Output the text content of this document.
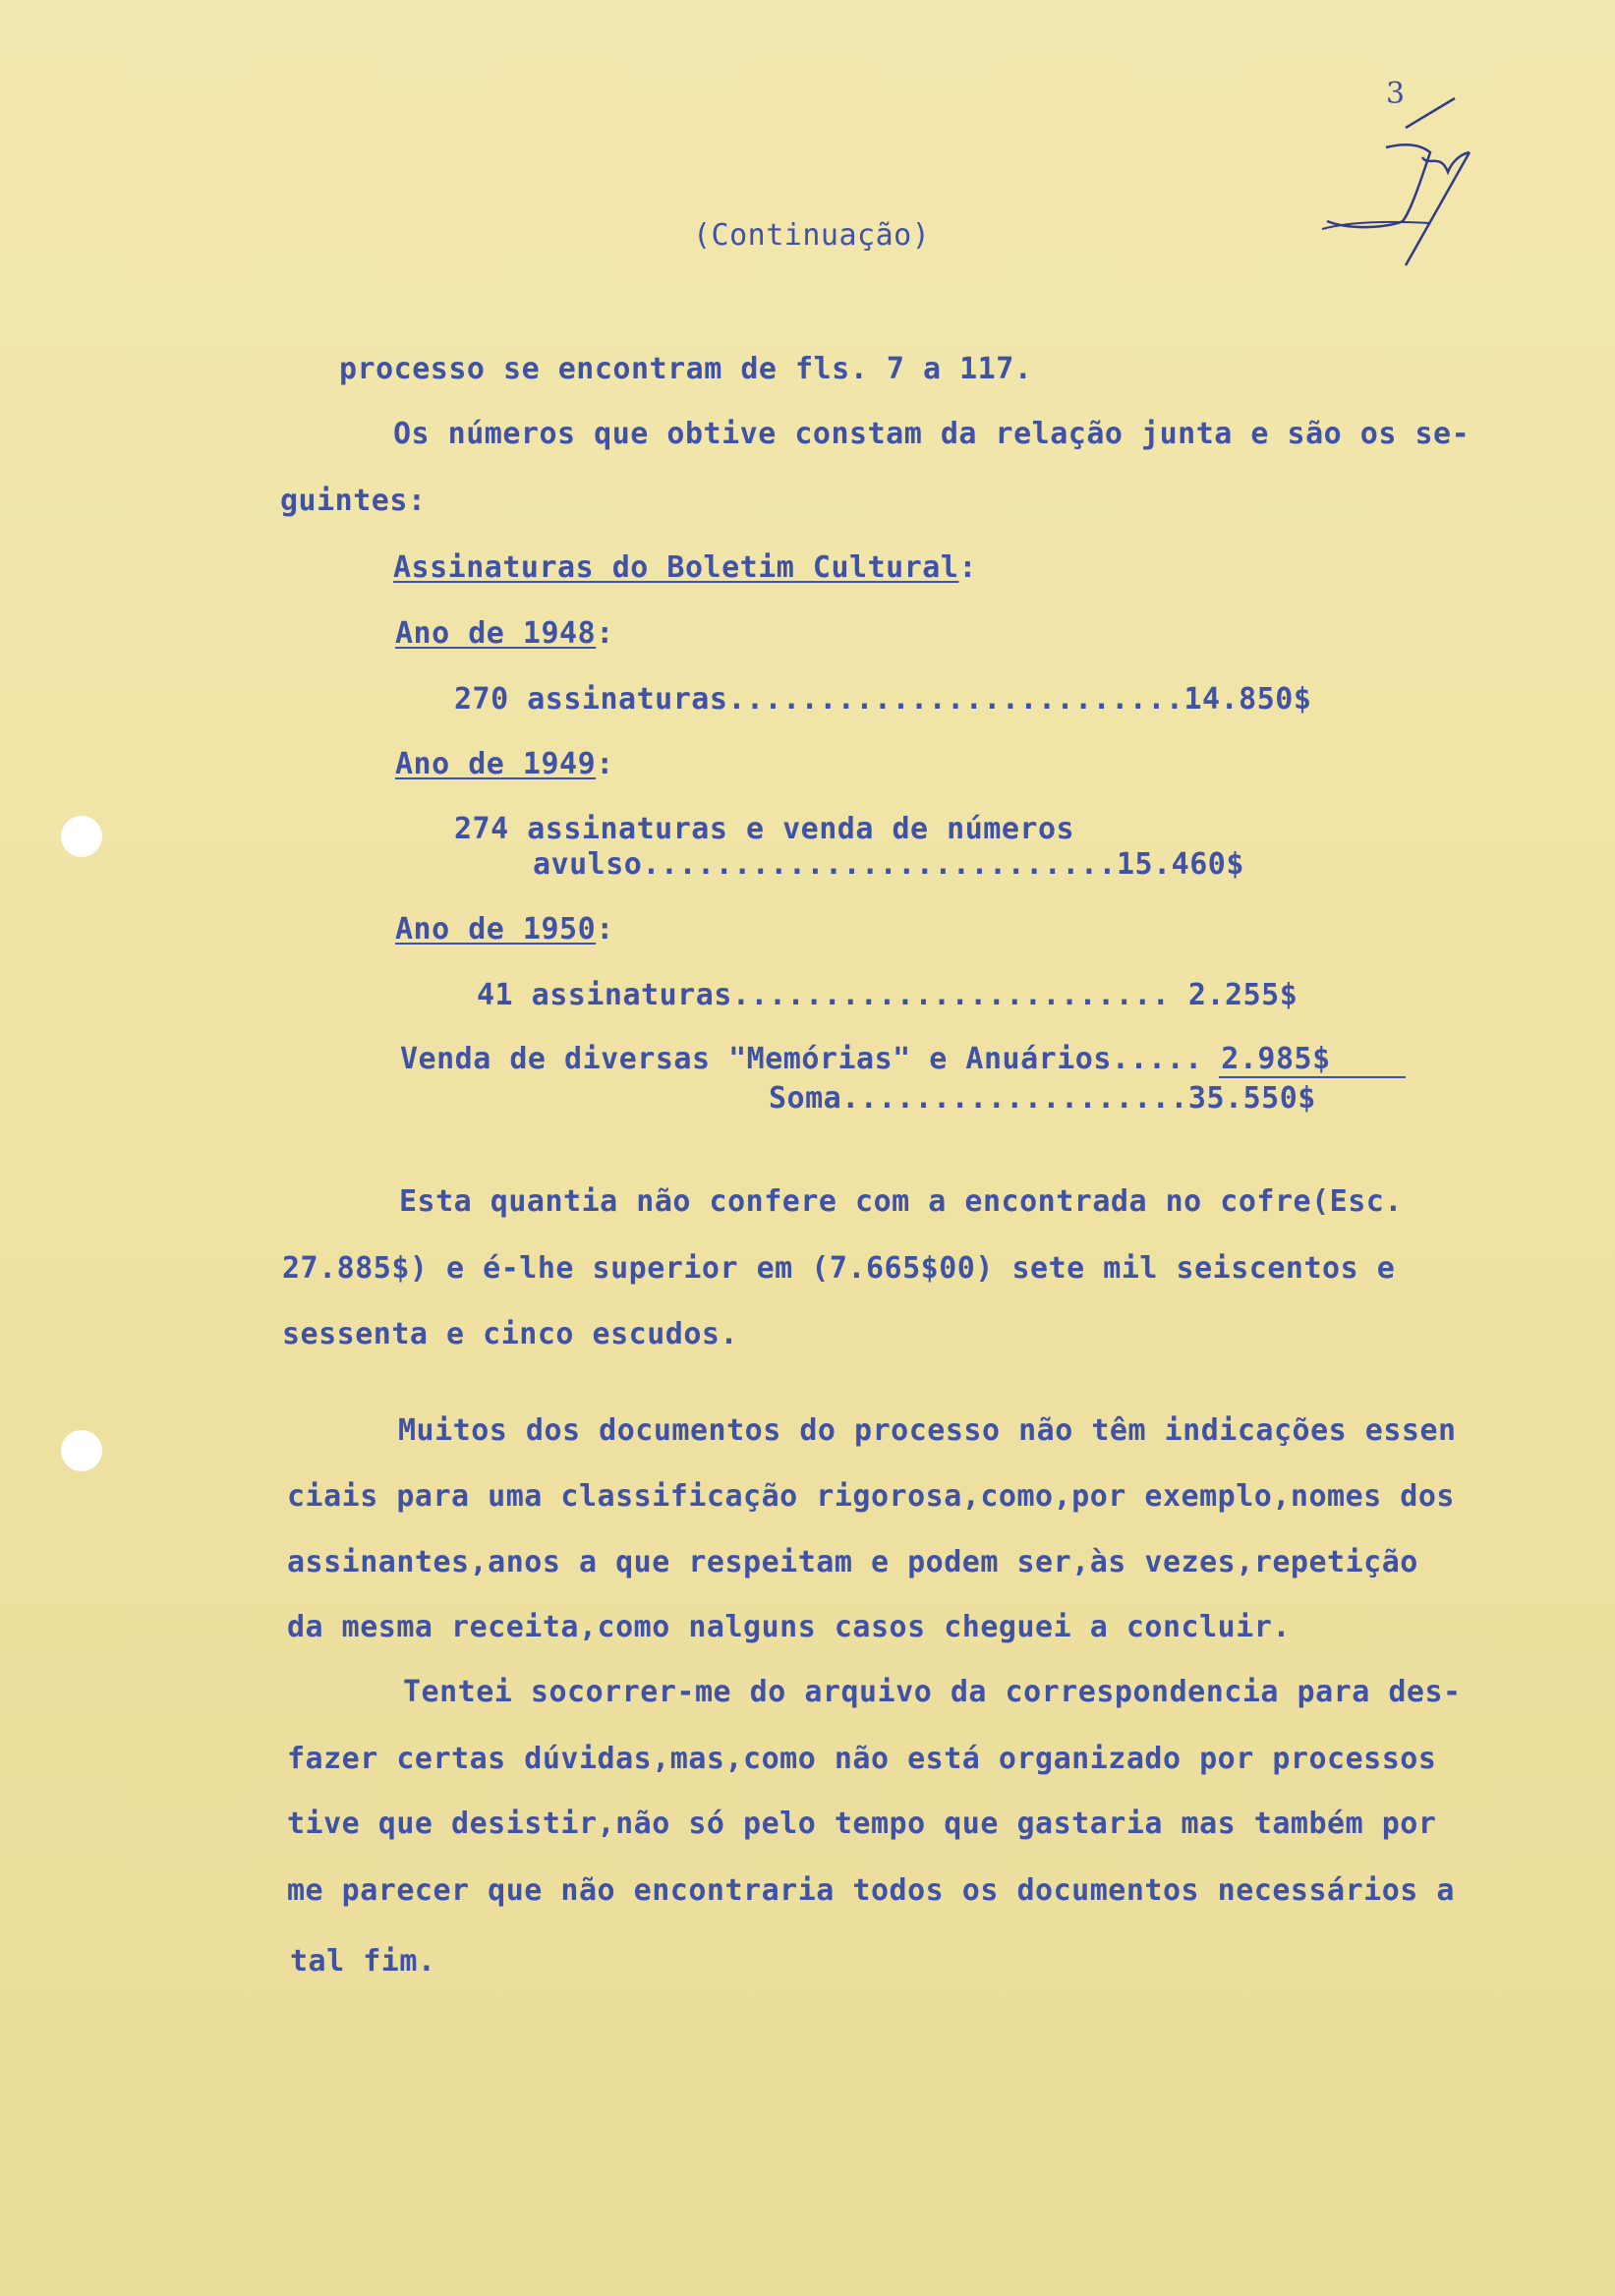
3
(Continuação)
processo se encontram de fls. 7 a 117.
Os números que obtive constam da relação junta e são os se-
guintes:
Assinaturas do Boletim Cultural:
Ano de 1948:
270 assinaturas.........................14.850$
Ano de 1949:
274 assinaturas e venda de números
avulso..........................15.460$
Ano de 1950:
41 assinaturas........................ 2.255$
Venda de diversas "Memórias" e Anuários..... 2.985$
Soma...................35.550$
Esta quantia não confere com a encontrada no cofre(Esc.
27.885$) e é-lhe superior em (7.665$00) sete mil seiscentos e
sessenta e cinco escudos.
Muitos dos documentos do processo não têm indicações essen
ciais para uma classificação rigorosa,como,por exemplo,nomes dos
assinantes,anos a que respeitam e podem ser,às vezes,repetição
da mesma receita,como nalguns casos cheguei a concluir.
Tentei socorrer-me do arquivo da correspondencia para des-
fazer certas dúvidas,mas,como não está organizado por processos
tive que desistir,não só pelo tempo que gastaria mas também por
me parecer que não encontraria todos os documentos necessários a
tal fim.
